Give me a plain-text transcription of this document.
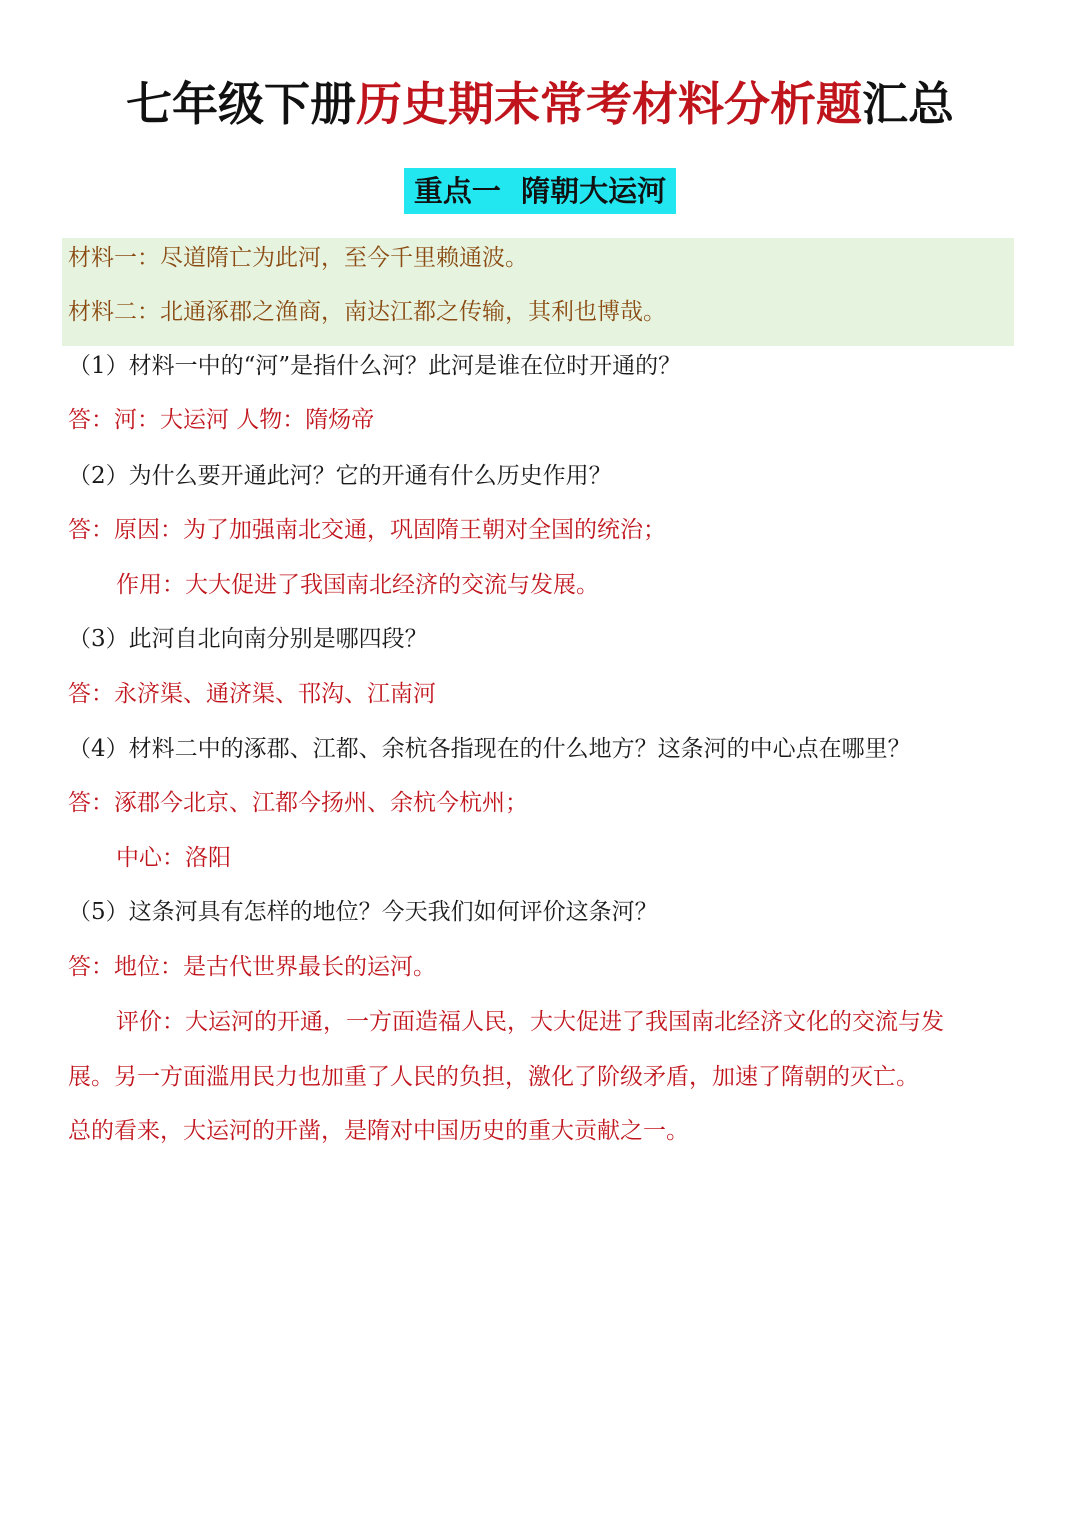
七年级下册历史期末常考材料分析题汇总
重点一  隋朝大运河
材料一：尽道隋亡为此河，至今千里赖通波。
材料二：北通涿郡之渔商，南达江都之传输，其利也博哉。
（1）材料一中的“河”是指什么河？此河是谁在位时开通的？
答：河：大运河 人物：隋炀帝
（2）为什么要开通此河？它的开通有什么历史作用？
答：原因：为了加强南北交通，巩固隋王朝对全国的统治；
作用：大大促进了我国南北经济的交流与发展。
（3）此河自北向南分别是哪四段？
答：永济渠、通济渠、邗沟、江南河
（4）材料二中的涿郡、江都、余杭各指现在的什么地方？这条河的中心点在哪里？
答：涿郡今北京、江都今扬州、余杭今杭州；
中心：洛阳
（5）这条河具有怎样的地位？今天我们如何评价这条河？
答：地位：是古代世界最长的运河。
评价：大运河的开通，一方面造福人民，大大促进了我国南北经济文化的交流与发
展。另一方面滥用民力也加重了人民的负担，激化了阶级矛盾，加速了隋朝的灭亡。
总的看来，大运河的开凿，是隋对中国历史的重大贡献之一。
